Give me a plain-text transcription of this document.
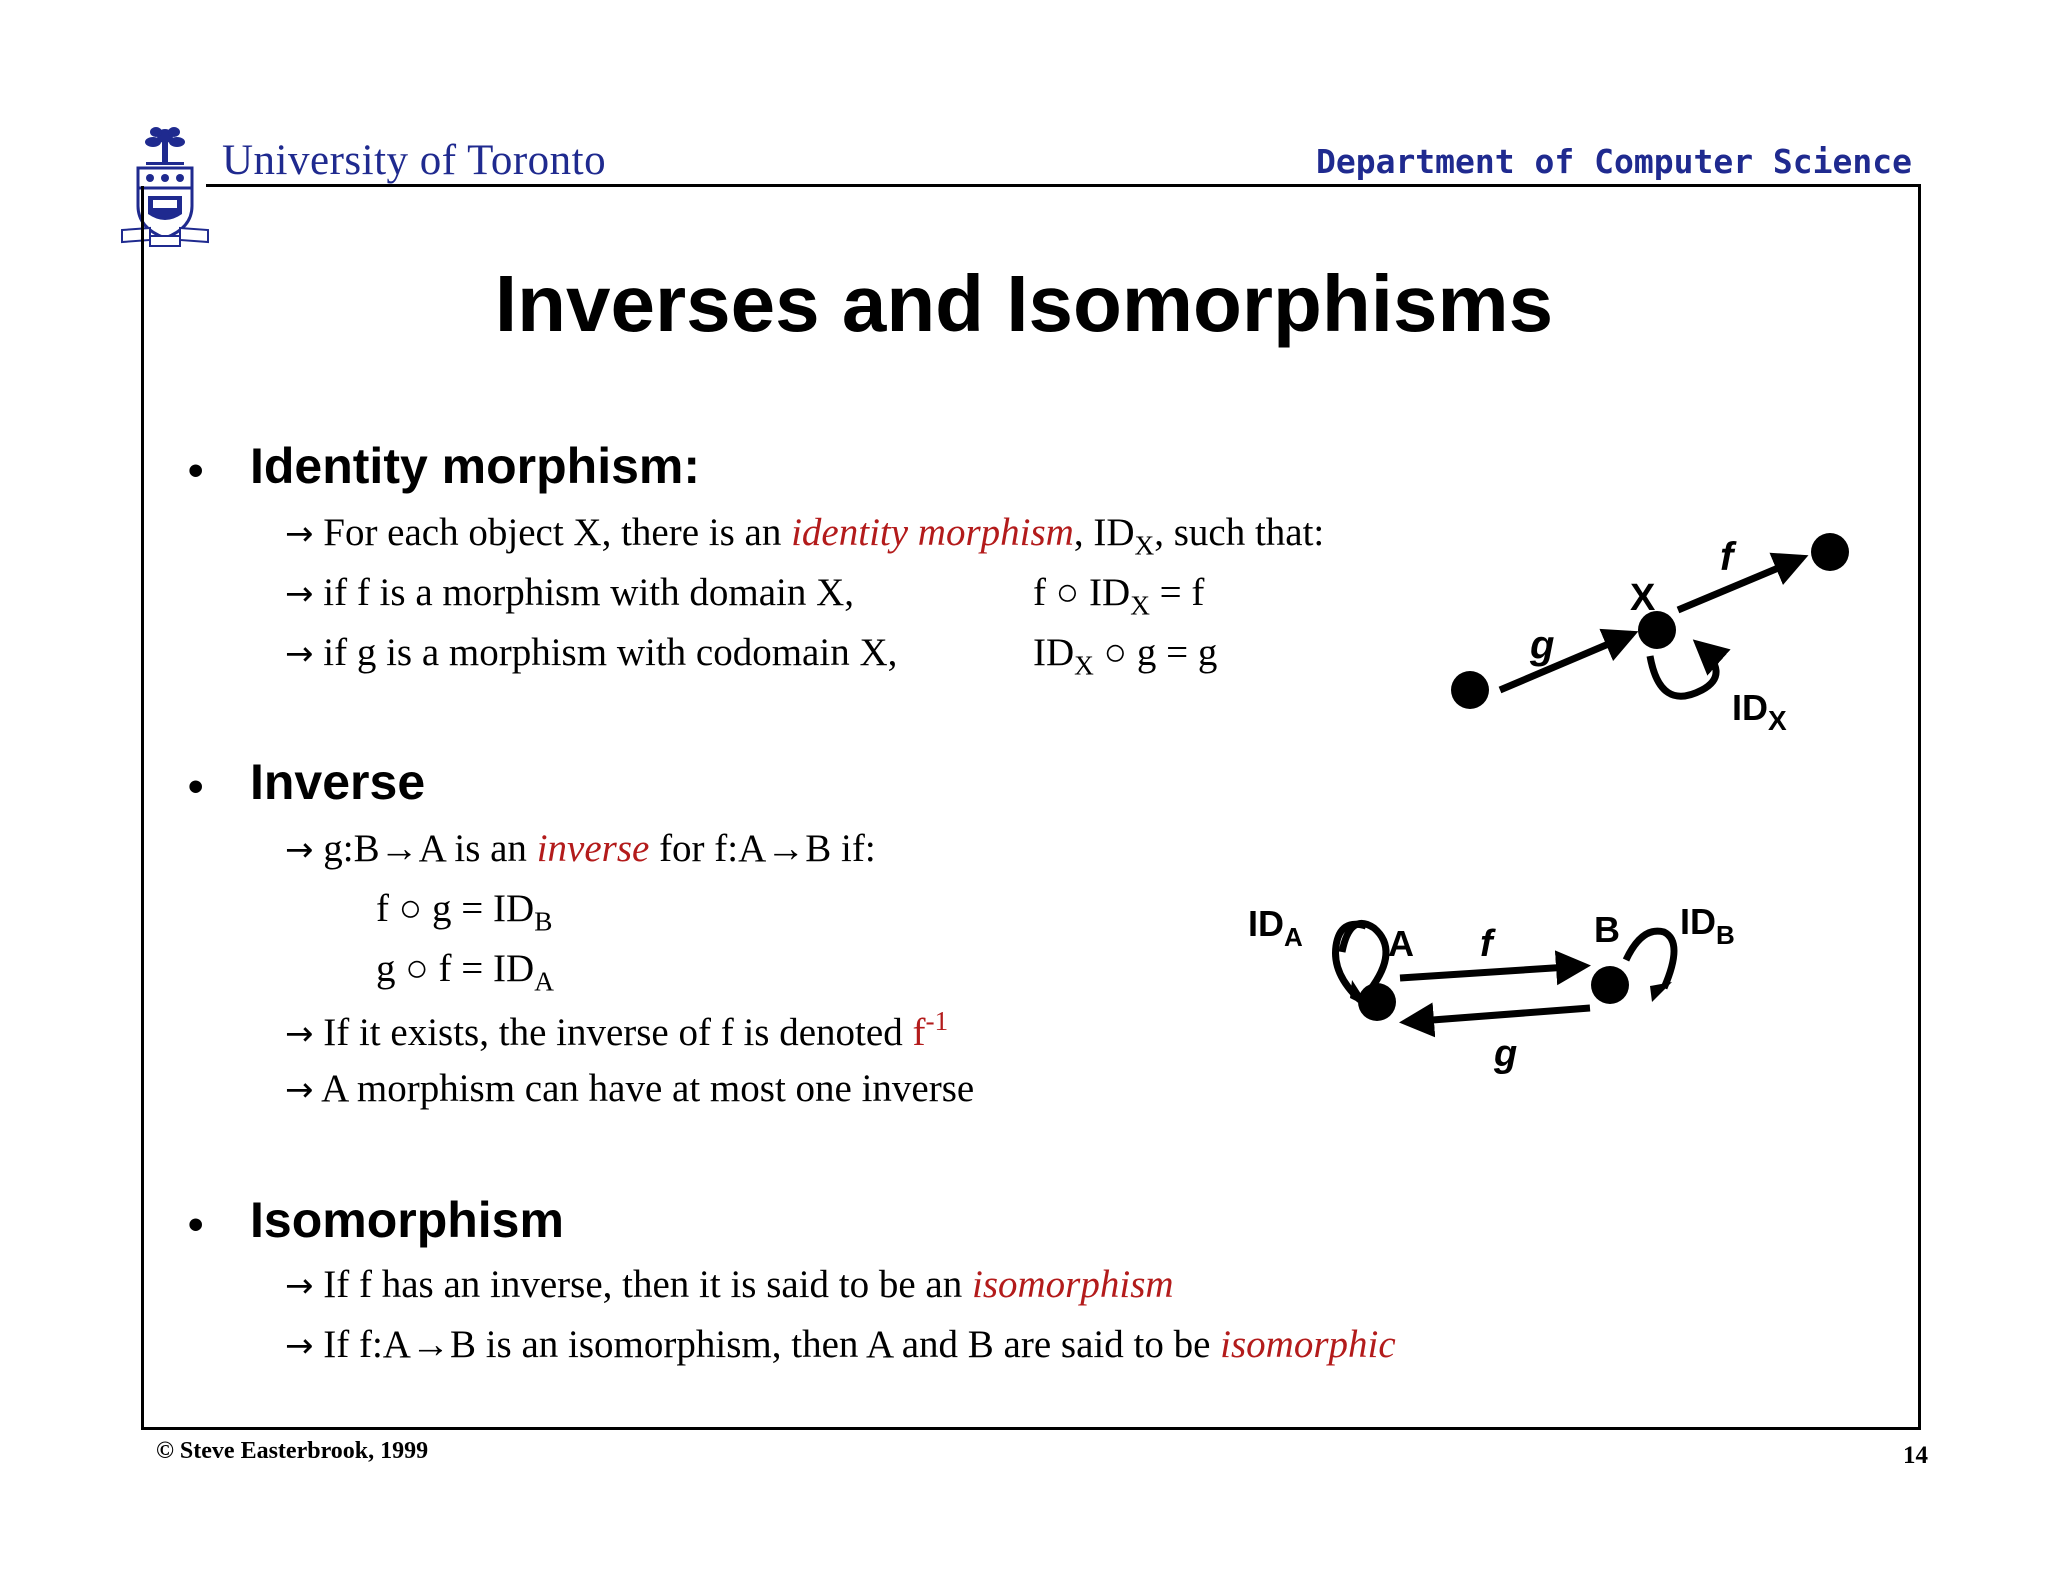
University of Toronto	Department of Computer Science
Inverses and Isomorphisms
• Identity morphism:
→ For each object X, there is an identity morphism, $ID_X$, such that:
→ if f is a morphism with domain X,	f ○ $ID_X = f$
→ if g is a morphism with codomain X,	$ID_X$ ○ g = g
• Inverse
→ g:B→A is an inverse for f:A→B if:
f ○ $g = ID_B$
g ○ $f = ID_A$
→ If it exists, the inverse of f is denoted $f^{-1}$
→ A morphism can have at most one inverse
• Isomorphism
→ If f has an inverse, then it is said to be an isomorphism
→ If f:A→B is an isomorphism, then A and B are said to be isomorphic
X
f
g
$ID_X$
A	B
f
g
$ID_A$	$ID_B$
© Steve Easterbrook, 1999	14
